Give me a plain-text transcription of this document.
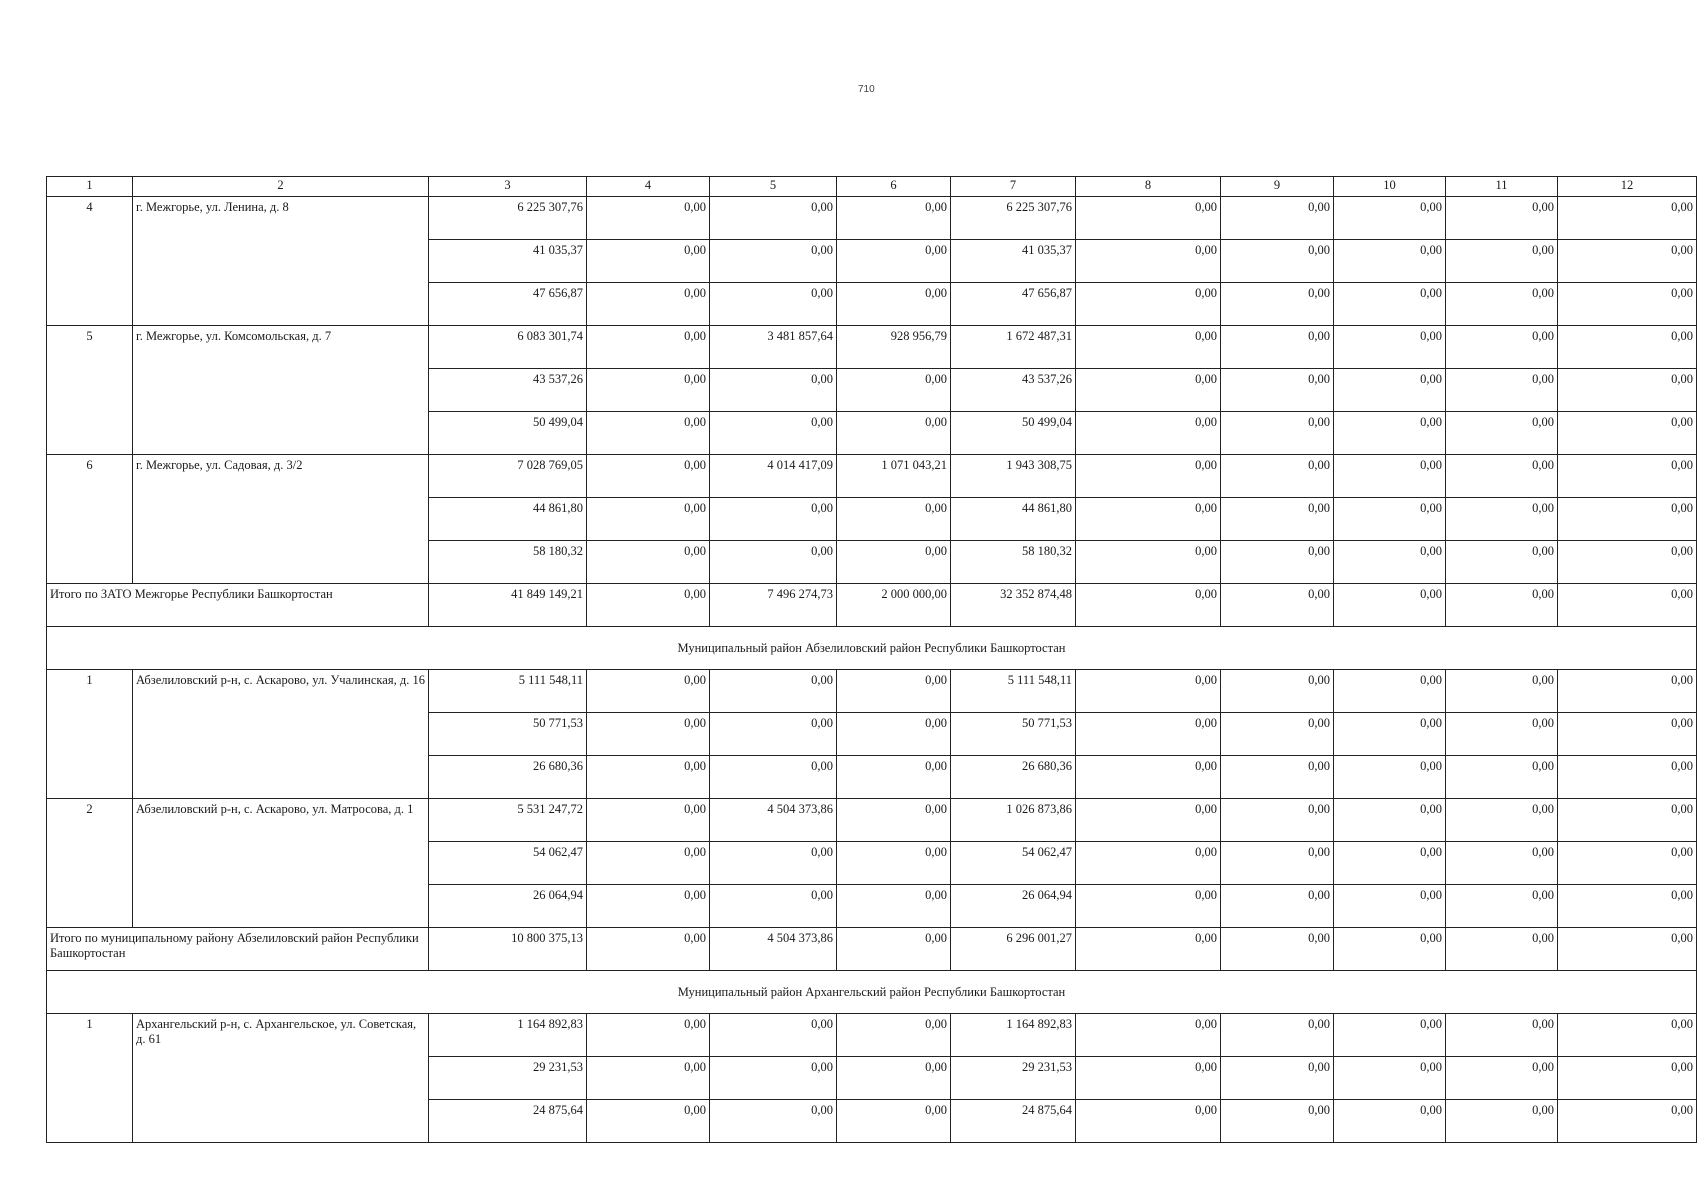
710
1	2	3	4	5	6	7	8	9	10	11	12
4	г. Межгорье, ул. Ленина, д. 8	6 225 307,76	0,00	0,00	0,00	6 225 307,76	0,00	0,00	0,00	0,00	0,00
		41 035,37	0,00	0,00	0,00	41 035,37	0,00	0,00	0,00	0,00	0,00
		47 656,87	0,00	0,00	0,00	47 656,87	0,00	0,00	0,00	0,00	0,00
5	г. Межгорье, ул. Комсомольская, д. 7	6 083 301,74	0,00	3 481 857,64	928 956,79	1 672 487,31	0,00	0,00	0,00	0,00	0,00
		43 537,26	0,00	0,00	0,00	43 537,26	0,00	0,00	0,00	0,00	0,00
		50 499,04	0,00	0,00	0,00	50 499,04	0,00	0,00	0,00	0,00	0,00
6	г. Межгорье, ул. Садовая, д. 3/2	7 028 769,05	0,00	4 014 417,09	1 071 043,21	1 943 308,75	0,00	0,00	0,00	0,00	0,00
		44 861,80	0,00	0,00	0,00	44 861,80	0,00	0,00	0,00	0,00	0,00
		58 180,32	0,00	0,00	0,00	58 180,32	0,00	0,00	0,00	0,00	0,00
Итого по ЗАТО Межгорье Республики Башкортостан		41 849 149,21	0,00	7 496 274,73	2 000 000,00	32 352 874,48	0,00	0,00	0,00	0,00	0,00
Муниципальный район Абзелиловский район Республики Башкортостан											
1	Абзелиловский р-н, с. Аскарово, ул. Учалинская, д. 16	5 111 548,11	0,00	0,00	0,00	5 111 548,11	0,00	0,00	0,00	0,00	0,00
		50 771,53	0,00	0,00	0,00	50 771,53	0,00	0,00	0,00	0,00	0,00
		26 680,36	0,00	0,00	0,00	26 680,36	0,00	0,00	0,00	0,00	0,00
2	Абзелиловский р-н, с. Аскарово, ул. Матросова, д. 1	5 531 247,72	0,00	4 504 373,86	0,00	1 026 873,86	0,00	0,00	0,00	0,00	0,00
		54 062,47	0,00	0,00	0,00	54 062,47	0,00	0,00	0,00	0,00	0,00
		26 064,94	0,00	0,00	0,00	26 064,94	0,00	0,00	0,00	0,00	0,00
Итого по муниципальному району Абзелиловский район Республики Башкортостан		10 800 375,13	0,00	4 504 373,86	0,00	6 296 001,27	0,00	0,00	0,00	0,00	0,00
Муниципальный район Архангельский район Республики Башкортостан											
1	Архангельский р-н, с. Архангельское, ул. Советская, д. 61	1 164 892,83	0,00	0,00	0,00	1 164 892,83	0,00	0,00	0,00	0,00	0,00
		29 231,53	0,00	0,00	0,00	29 231,53	0,00	0,00	0,00	0,00	0,00
		24 875,64	0,00	0,00	0,00	24 875,64	0,00	0,00	0,00	0,00	0,00
